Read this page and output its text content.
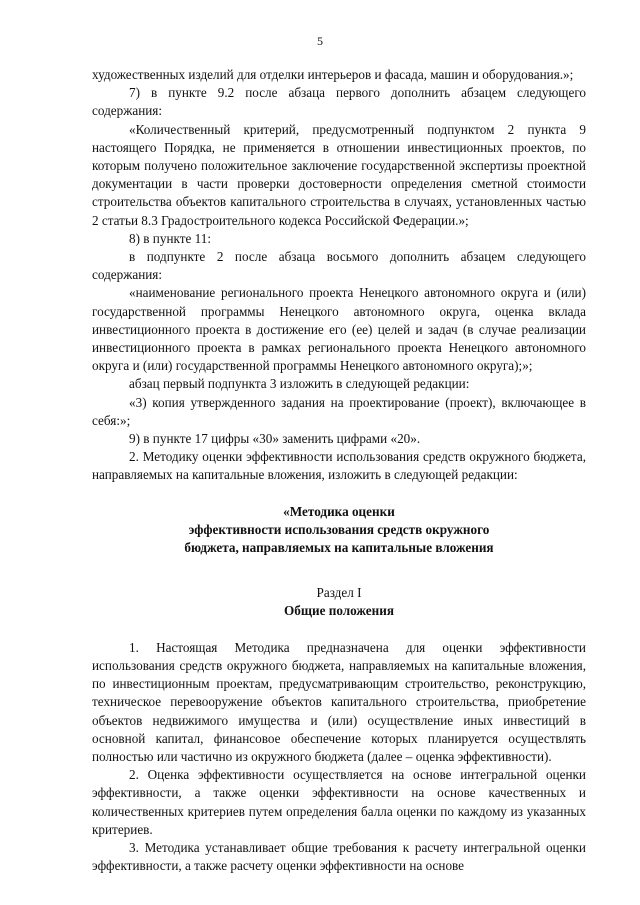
5

художественных изделий для отделки интерьеров и фасада, машин и оборудования.»;

7) в пункте 9.2 после абзаца первого дополнить абзацем следующего содержания:

«Количественный критерий, предусмотренный подпунктом 2 пункта 9 настоящего Порядка, не применяется в отношении инвестиционных проектов, по которым получено положительное заключение государственной экспертизы проектной документации в части проверки достоверности определения сметной стоимости строительства объектов капитального строительства в случаях, установленных частью 2 статьи 8.3 Градостроительного кодекса Российской Федерации.»;

8) в пункте 11:

в подпункте 2 после абзаца восьмого дополнить абзацем следующего содержания:

«наименование регионального проекта Ненецкого автономного округа и (или) государственной программы Ненецкого автономного округа, оценка вклада инвестиционного проекта в достижение его (ее) целей и задач (в случае реализации инвестиционного проекта в рамках регионального проекта Ненецкого автономного округа и (или) государственной программы Ненецкого автономного округа);»;

абзац первый подпункта 3 изложить в следующей редакции:

«3) копия утвержденного задания на проектирование (проект), включающее в себя:»;

9) в пункте 17 цифры «30» заменить цифрами «20».

2. Методику оценки эффективности использования средств окружного бюджета, направляемых на капитальные вложения, изложить в следующей редакции:

«Методика оценки

эффективности использования средств окружного

бюджета, направляемых на капитальные вложения

Раздел I

Общие положения

1. Настоящая Методика предназначена для оценки эффективности использования средств окружного бюджета, направляемых на капитальные вложения, по инвестиционным проектам, предусматривающим строительство, реконструкцию, техническое перевооружение объектов капитального строительства, приобретение объектов недвижимого имущества и (или) осуществление иных инвестиций в основной капитал, финансовое обеспечение которых планируется осуществлять полностью или частично из окружного бюджета (далее – оценка эффективности).

2. Оценка эффективности осуществляется на основе интегральной оценки эффективности, а также оценки эффективности на основе качественных и количественных критериев путем определения балла оценки по каждому из указанных критериев.

3. Методика устанавливает общие требования к расчету интегральной оценки эффективности, а также расчету оценки эффективности на основе
